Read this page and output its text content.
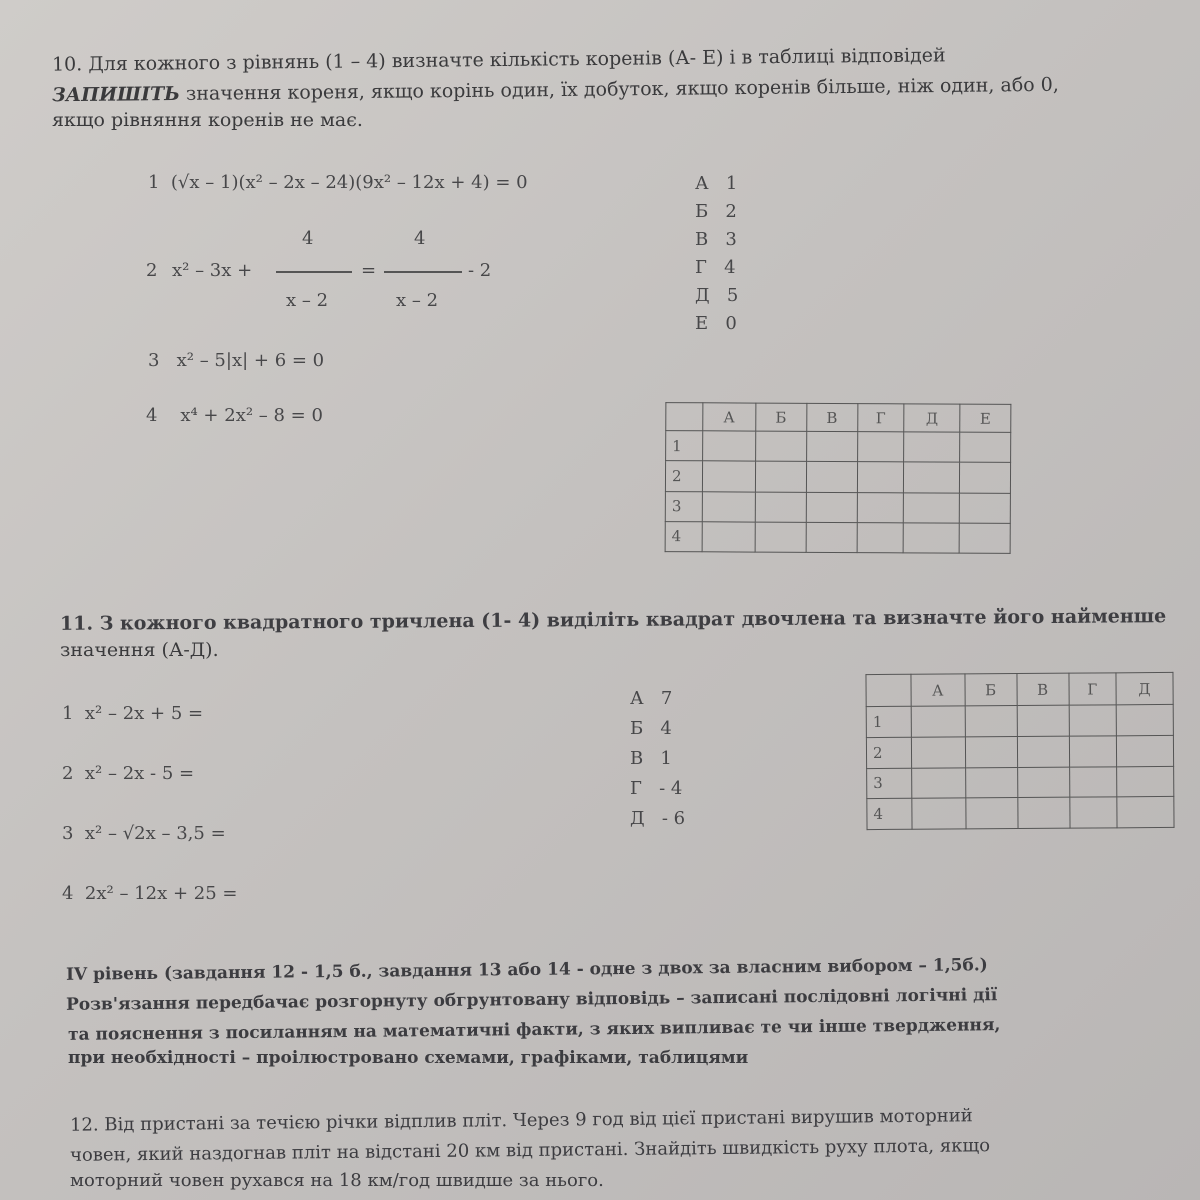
10. Для кожного з рівнянь (1 – 4) визначте кількість коренів (А- Е) і в таблиці відповідей
ЗАПИШІТЬ значення кореня, якщо корінь один, їх добуток, якщо коренів більше, ніж один, або 0,
якщо рівняння коренів не має.
1 (√x – 1)(x² – 2x – 24)(9x² – 12x + 4) = 0
2 x² – 3x +
4
x – 2
=
4
x – 2
- 2
3 x² – 5|x| + 6 = 0
4 x⁴ + 2x² – 8 = 0
А 1
Б 2
В 3
Г 4
Д 5
Е 0
	А	Б	В	Г	Д	Е
1						
2						
3						
4						
11. З кожного квадратного тричлена (1- 4) виділіть квадрат двочлена та визначте його найменше
значення (А-Д).
1 x² – 2x + 5 =
2 x² – 2x - 5 =
3 x² – √2x – 3,5 =
4 2x² – 12x + 25 =
А 7
Б 4
В 1
Г - 4
Д - 6
	А	Б	В	Г	Д
1					
2					
3					
4					
ІV рівень (завдання 12 - 1,5 б., завдання 13 або 14 - одне з двох за власним вибором – 1,5б.)
Розв'язання передбачає розгорнуту обгрунтовану відповідь – записані послідовні логічні дії
та пояснення з посиланням на математичні факти, з яких випливає те чи інше твердження,
при необхідності – проілюстровано схемами, графіками, таблицями
12. Від пристані за течією річки відплив пліт. Через 9 год від цієї пристані вирушив моторний
човен, який наздогнав пліт на відстані 20 км від пристані. Знайдіть швидкість руху плота, якщо
моторний човен рухався на 18 км/год швидше за нього.
